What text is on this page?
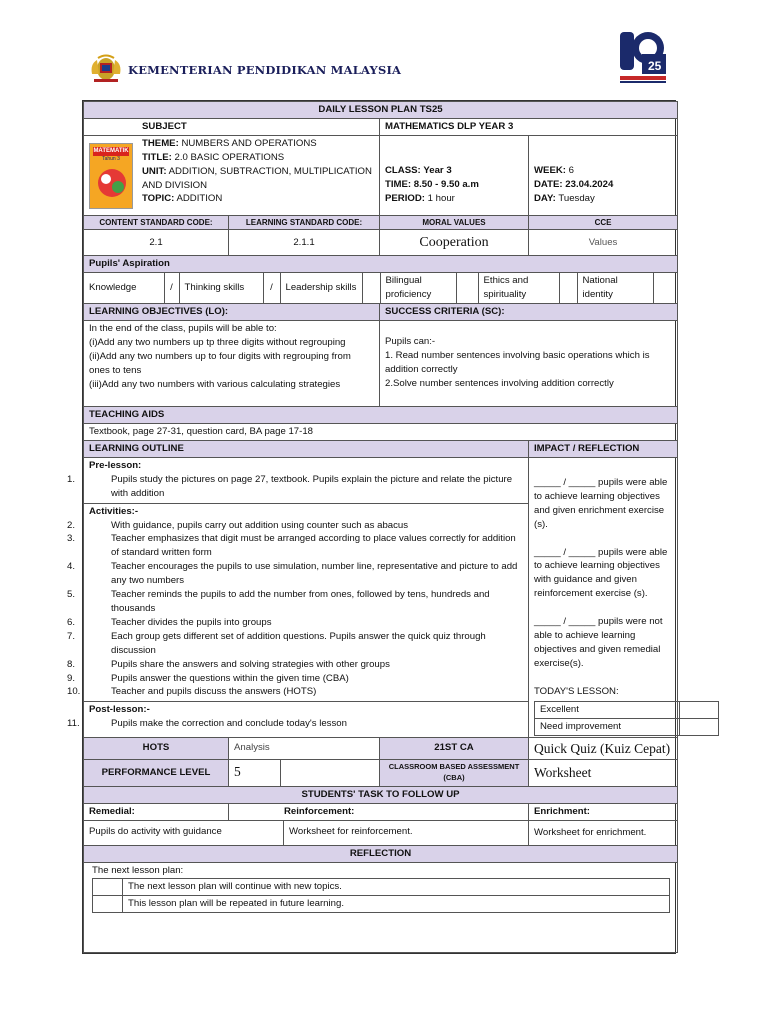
KEMENTERIAN PENDIDIKAN MALAYSIA	25
DAILY LESSON PLAN TS25
SUBJECT	MATHEMATICS DLP YEAR 3

MATEMATIK
Tahun 3
THEME: NUMBERS AND OPERATIONS
TITLE: 2.0 BASIC OPERATIONS
UNIT: ADDITION, SUBTRACTION, MULTIPLICATION AND DIVISION
TOPIC: ADDITION

CLASS: Year 3
TIME: 8.50 - 9.50 a.m
PERIOD: 1 hour

WEEK: 6
DATE: 23.04.2024
DAY: Tuesday

CONTENT STANDARD CODE:	LEARNING STANDARD CODE:	MORAL VALUES	CCE
2.1	2.1.1	Cooperation	Values
Pupils' Aspiration

Knowledge	/	Thinking skills	/	Leadership skills		Bilingual proficiency		Ethics and spirituality		National identity	

LEARNING OBJECTIVES (LO):	SUCCESS CRITERIA (SC):

In the end of the class, pupils will be able to:
(i)Add any two numbers up tp three digits without regrouping
(ii)Add any two numbers up to four digits with regrouping from ones to tens
(iii)Add any two numbers with various calculating strategies

Pupils can:-
1. Read number sentences involving basic operations which is addition correctly
2.Solve number sentences involving addition correctly

TEACHING AIDS
Textbook, page 27-31, question card, BA page 17-18
LEARNING OUTLINE	IMPACT / REFLECTION

Pre-lesson:
1.	Pupils study the pictures on page 27, textbook. Pupils explain the picture and relate the picture with addition
Activities:-
2.	With guidance, pupils carry out addition using counter such as abacus
3.	Teacher emphasizes that digit must be arranged according to place values correctly for addition of standard written form
4.	Teacher encourages the pupils to use simulation, number line, representative and picture to add any two numbers
5.	Teacher reminds the pupils to add the number from ones, followed by tens, hundreds and thousands
6.	Teacher divides the pupils into groups
7.	Each group gets different set of addition questions. Pupils answer the quick quiz through discussion
8.	Pupils share the answers and solving strategies with other groups
9.	Pupils answer the questions within the given time (CBA)
10.	Teacher and pupils discuss the answers (HOTS)
Post-lesson:-
11.	Pupils make the correction and conclude today's lesson

_____ / _____ pupils were able to achieve learning objectives and given enrichment exercise (s).
_____ / _____ pupils were able to achieve learning objectives with guidance and given reinforcement exercise (s).
_____ / _____ pupils were not able to achieve learning objectives and given remedial exercise(s).
TODAY'S LESSON:
Excellent	
Need improvement	

HOTS	Analysis	21ST CA	Quick Quiz (Kuiz Cepat)
PERFORMANCE LEVEL	5	CLASSROOM BASED ASSESSMENT (CBA)	Worksheet
STUDENTS' TASK TO FOLLOW UP
Remedial:	Reinforcement:	Enrichment:

Pupils do activity with guidance	Worksheet for reinforcement.	Worksheet for enrichment.
REFLECTION

The next lesson plan:
	The next lesson plan will continue with new topics.
	This lesson plan will be repeated in future learning.
